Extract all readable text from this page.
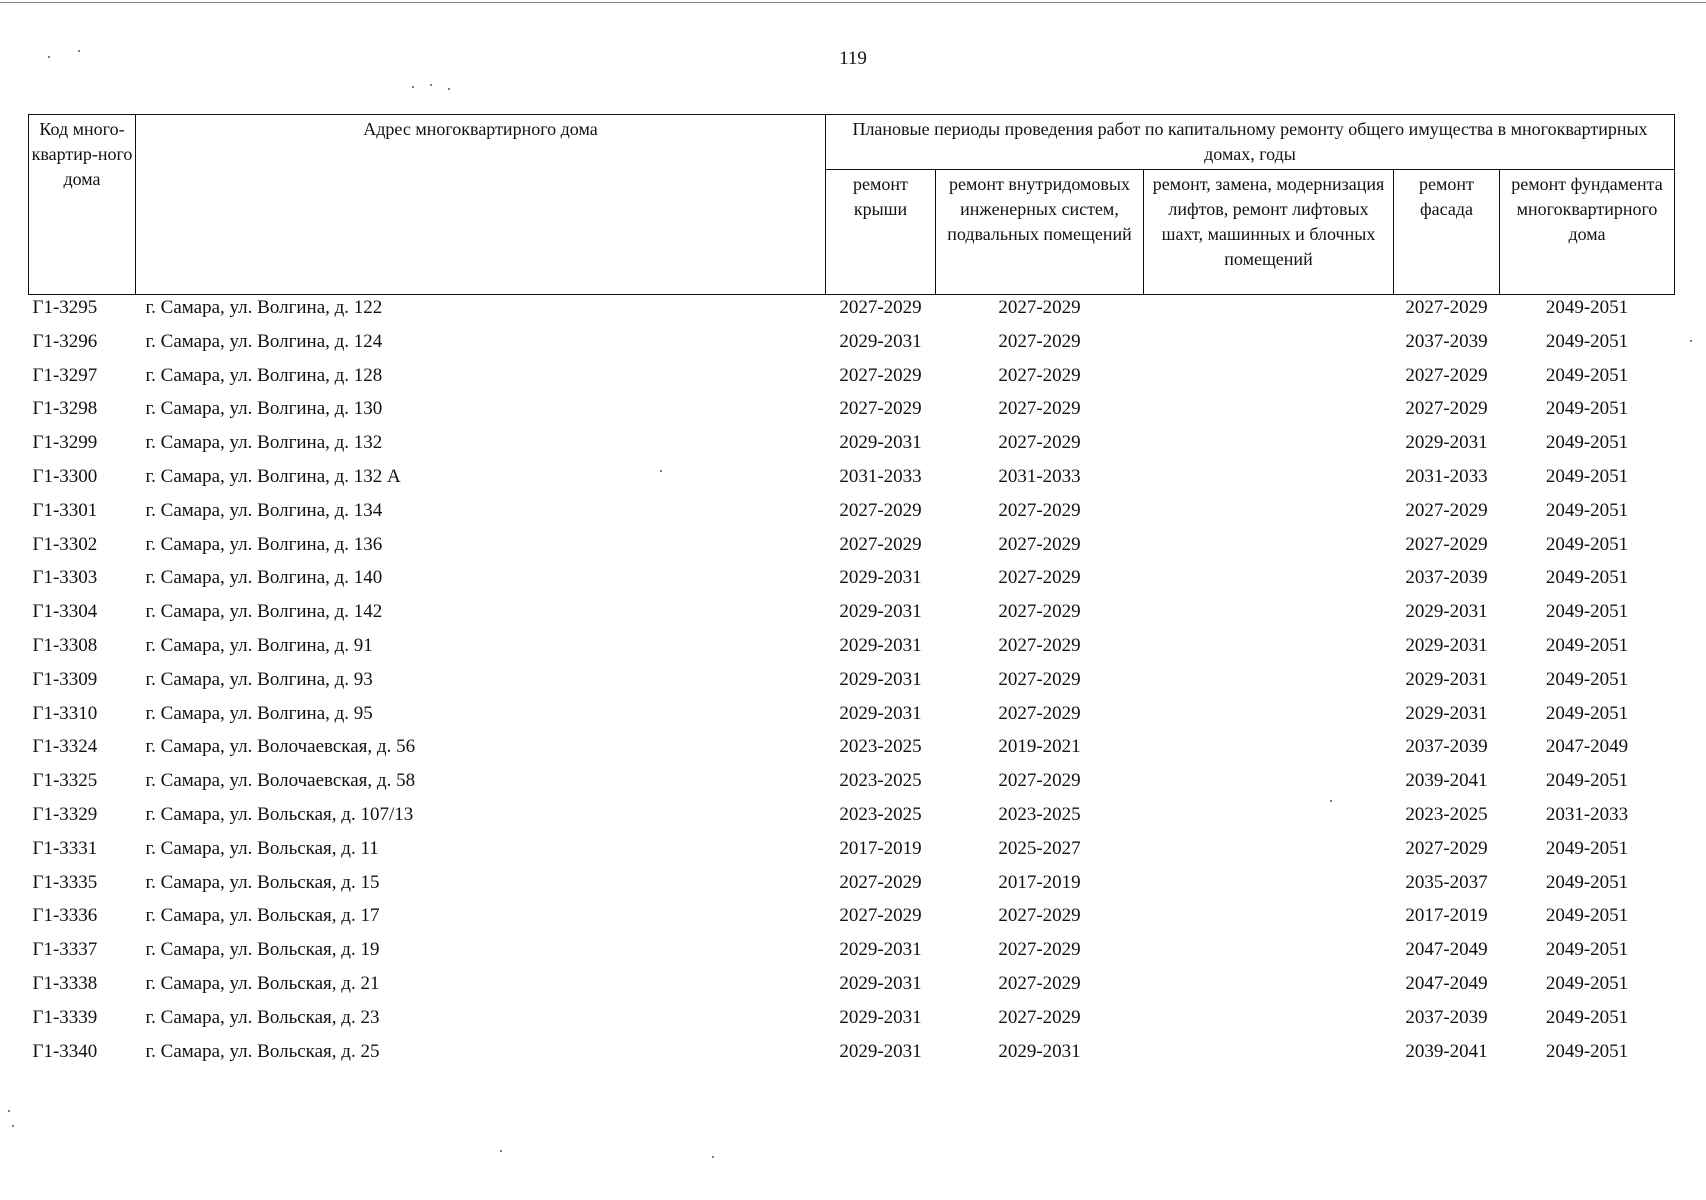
119
Код много-квартир-ного дома	Адрес многоквартирного дома	Плановые периоды проведения работ по капитальному ремонту общего имущества в многоквартирных домах, годы				
		ремонт крыши	ремонт внутридомовых инженерных систем, подвальных помещений	ремонт, замена, модернизация лифтов, ремонт лифтовых шахт, машинных и блочных помещений	ремонт фасада	ремонт фундамента многоквартирного дома
Г1-3295	г. Самара, ул. Волгина, д. 122	2027-2029	2027-2029		2027-2029	2049-2051
Г1-3296	г. Самара, ул. Волгина, д. 124	2029-2031	2027-2029		2037-2039	2049-2051
Г1-3297	г. Самара, ул. Волгина, д. 128	2027-2029	2027-2029		2027-2029	2049-2051
Г1-3298	г. Самара, ул. Волгина, д. 130	2027-2029	2027-2029		2027-2029	2049-2051
Г1-3299	г. Самара, ул. Волгина, д. 132	2029-2031	2027-2029		2029-2031	2049-2051
Г1-3300	г. Самара, ул. Волгина, д. 132 А	2031-2033	2031-2033		2031-2033	2049-2051
Г1-3301	г. Самара, ул. Волгина, д. 134	2027-2029	2027-2029		2027-2029	2049-2051
Г1-3302	г. Самара, ул. Волгина, д. 136	2027-2029	2027-2029		2027-2029	2049-2051
Г1-3303	г. Самара, ул. Волгина, д. 140	2029-2031	2027-2029		2037-2039	2049-2051
Г1-3304	г. Самара, ул. Волгина, д. 142	2029-2031	2027-2029		2029-2031	2049-2051
Г1-3308	г. Самара, ул. Волгина, д. 91	2029-2031	2027-2029		2029-2031	2049-2051
Г1-3309	г. Самара, ул. Волгина, д. 93	2029-2031	2027-2029		2029-2031	2049-2051
Г1-3310	г. Самара, ул. Волгина, д. 95	2029-2031	2027-2029		2029-2031	2049-2051
Г1-3324	г. Самара, ул. Волочаевская, д. 56	2023-2025	2019-2021		2037-2039	2047-2049
Г1-3325	г. Самара, ул. Волочаевская, д. 58	2023-2025	2027-2029		2039-2041	2049-2051
Г1-3329	г. Самара, ул. Вольская, д. 107/13	2023-2025	2023-2025		2023-2025	2031-2033
Г1-3331	г. Самара, ул. Вольская, д. 11	2017-2019	2025-2027		2027-2029	2049-2051
Г1-3335	г. Самара, ул. Вольская, д. 15	2027-2029	2017-2019		2035-2037	2049-2051
Г1-3336	г. Самара, ул. Вольская, д. 17	2027-2029	2027-2029		2017-2019	2049-2051
Г1-3337	г. Самара, ул. Вольская, д. 19	2029-2031	2027-2029		2047-2049	2049-2051
Г1-3338	г. Самара, ул. Вольская, д. 21	2029-2031	2027-2029		2047-2049	2049-2051
Г1-3339	г. Самара, ул. Вольская, д. 23	2029-2031	2027-2029		2037-2039	2049-2051
Г1-3340	г. Самара, ул. Вольская, д. 25	2029-2031	2029-2031		2039-2041	2049-2051
